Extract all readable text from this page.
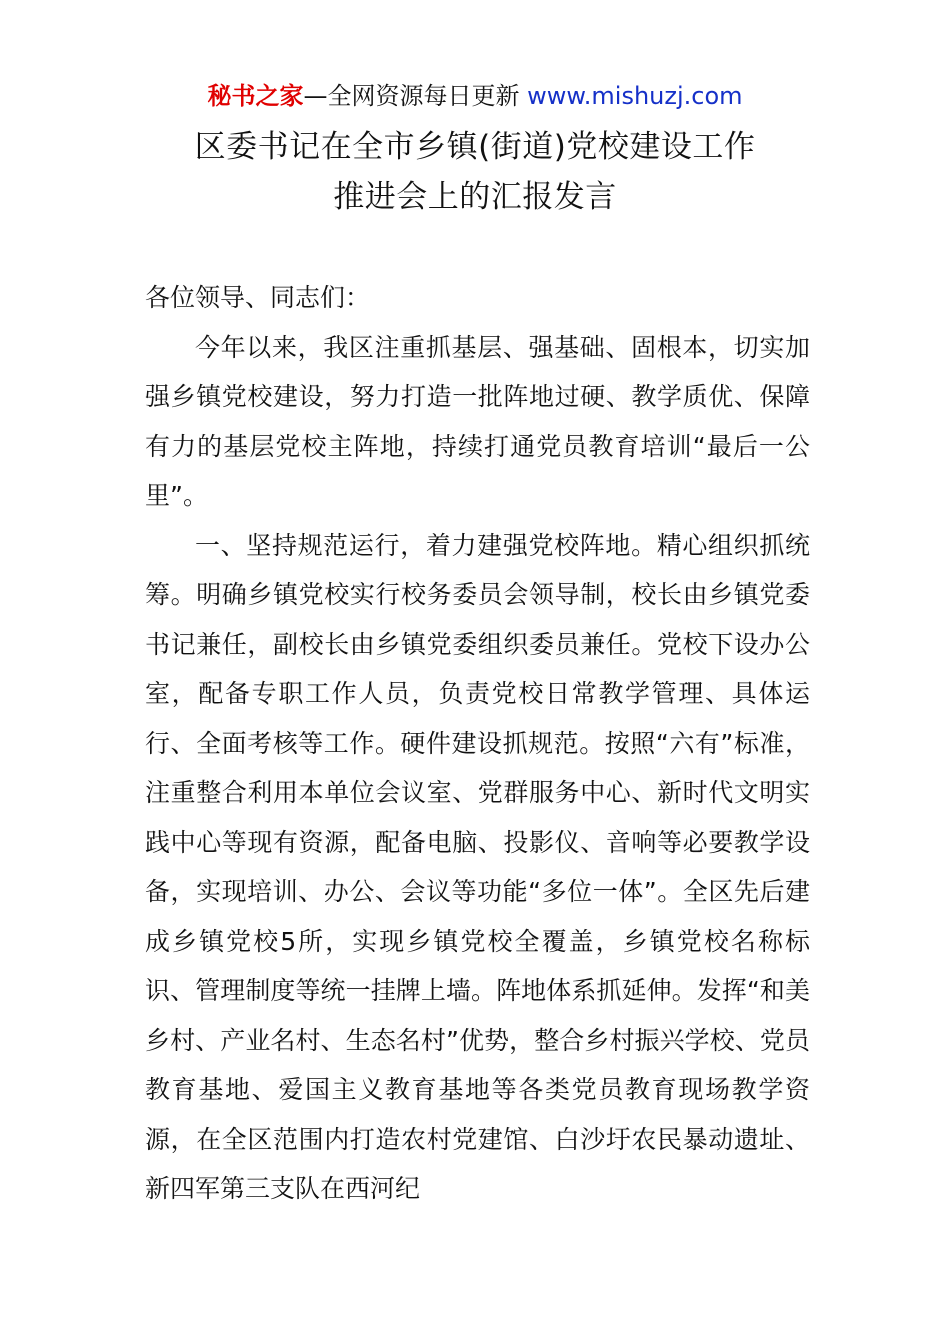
秘书之家—全网资源每日更新 www.mishuzj.com
区委书记在全市乡镇(街道)党校建设工作
推进会上的汇报发言

各位领导、同志们：

今年以来，我区注重抓基层、强基础、固根本，切实加强乡镇党校建设，努力打造一批阵地过硬、教学质优、保障有力的基层党校主阵地，持续打通党员教育培训“最后一公里”。

一、坚持规范运行，着力建强党校阵地。精心组织抓统筹。明确乡镇党校实行校务委员会领导制，校长由乡镇党委书记兼任，副校长由乡镇党委组织委员兼任。党校下设办公室，配备专职工作人员，负责党校日常教学管理、具体运行、全面考核等工作。硬件建设抓规范。按照“六有”标准，注重整合利用本单位会议室、党群服务中心、新时代文明实践中心等现有资源，配备电脑、投影仪、音响等必要教学设备，实现培训、办公、会议等功能“多位一体”。全区先后建成乡镇党校5所，实现乡镇党校全覆盖，乡镇党校名称标识、管理制度等统一挂牌上墙。阵地体系抓延伸。发挥“和美乡村、产业名村、生态名村”优势，整合乡村振兴学校、党员教育基地、爱国主义教育基地等各类党员教育现场教学资源，在全区范围内打造农村党建馆、白沙圩农民暴动遗址、新四军第三支队在西河纪
